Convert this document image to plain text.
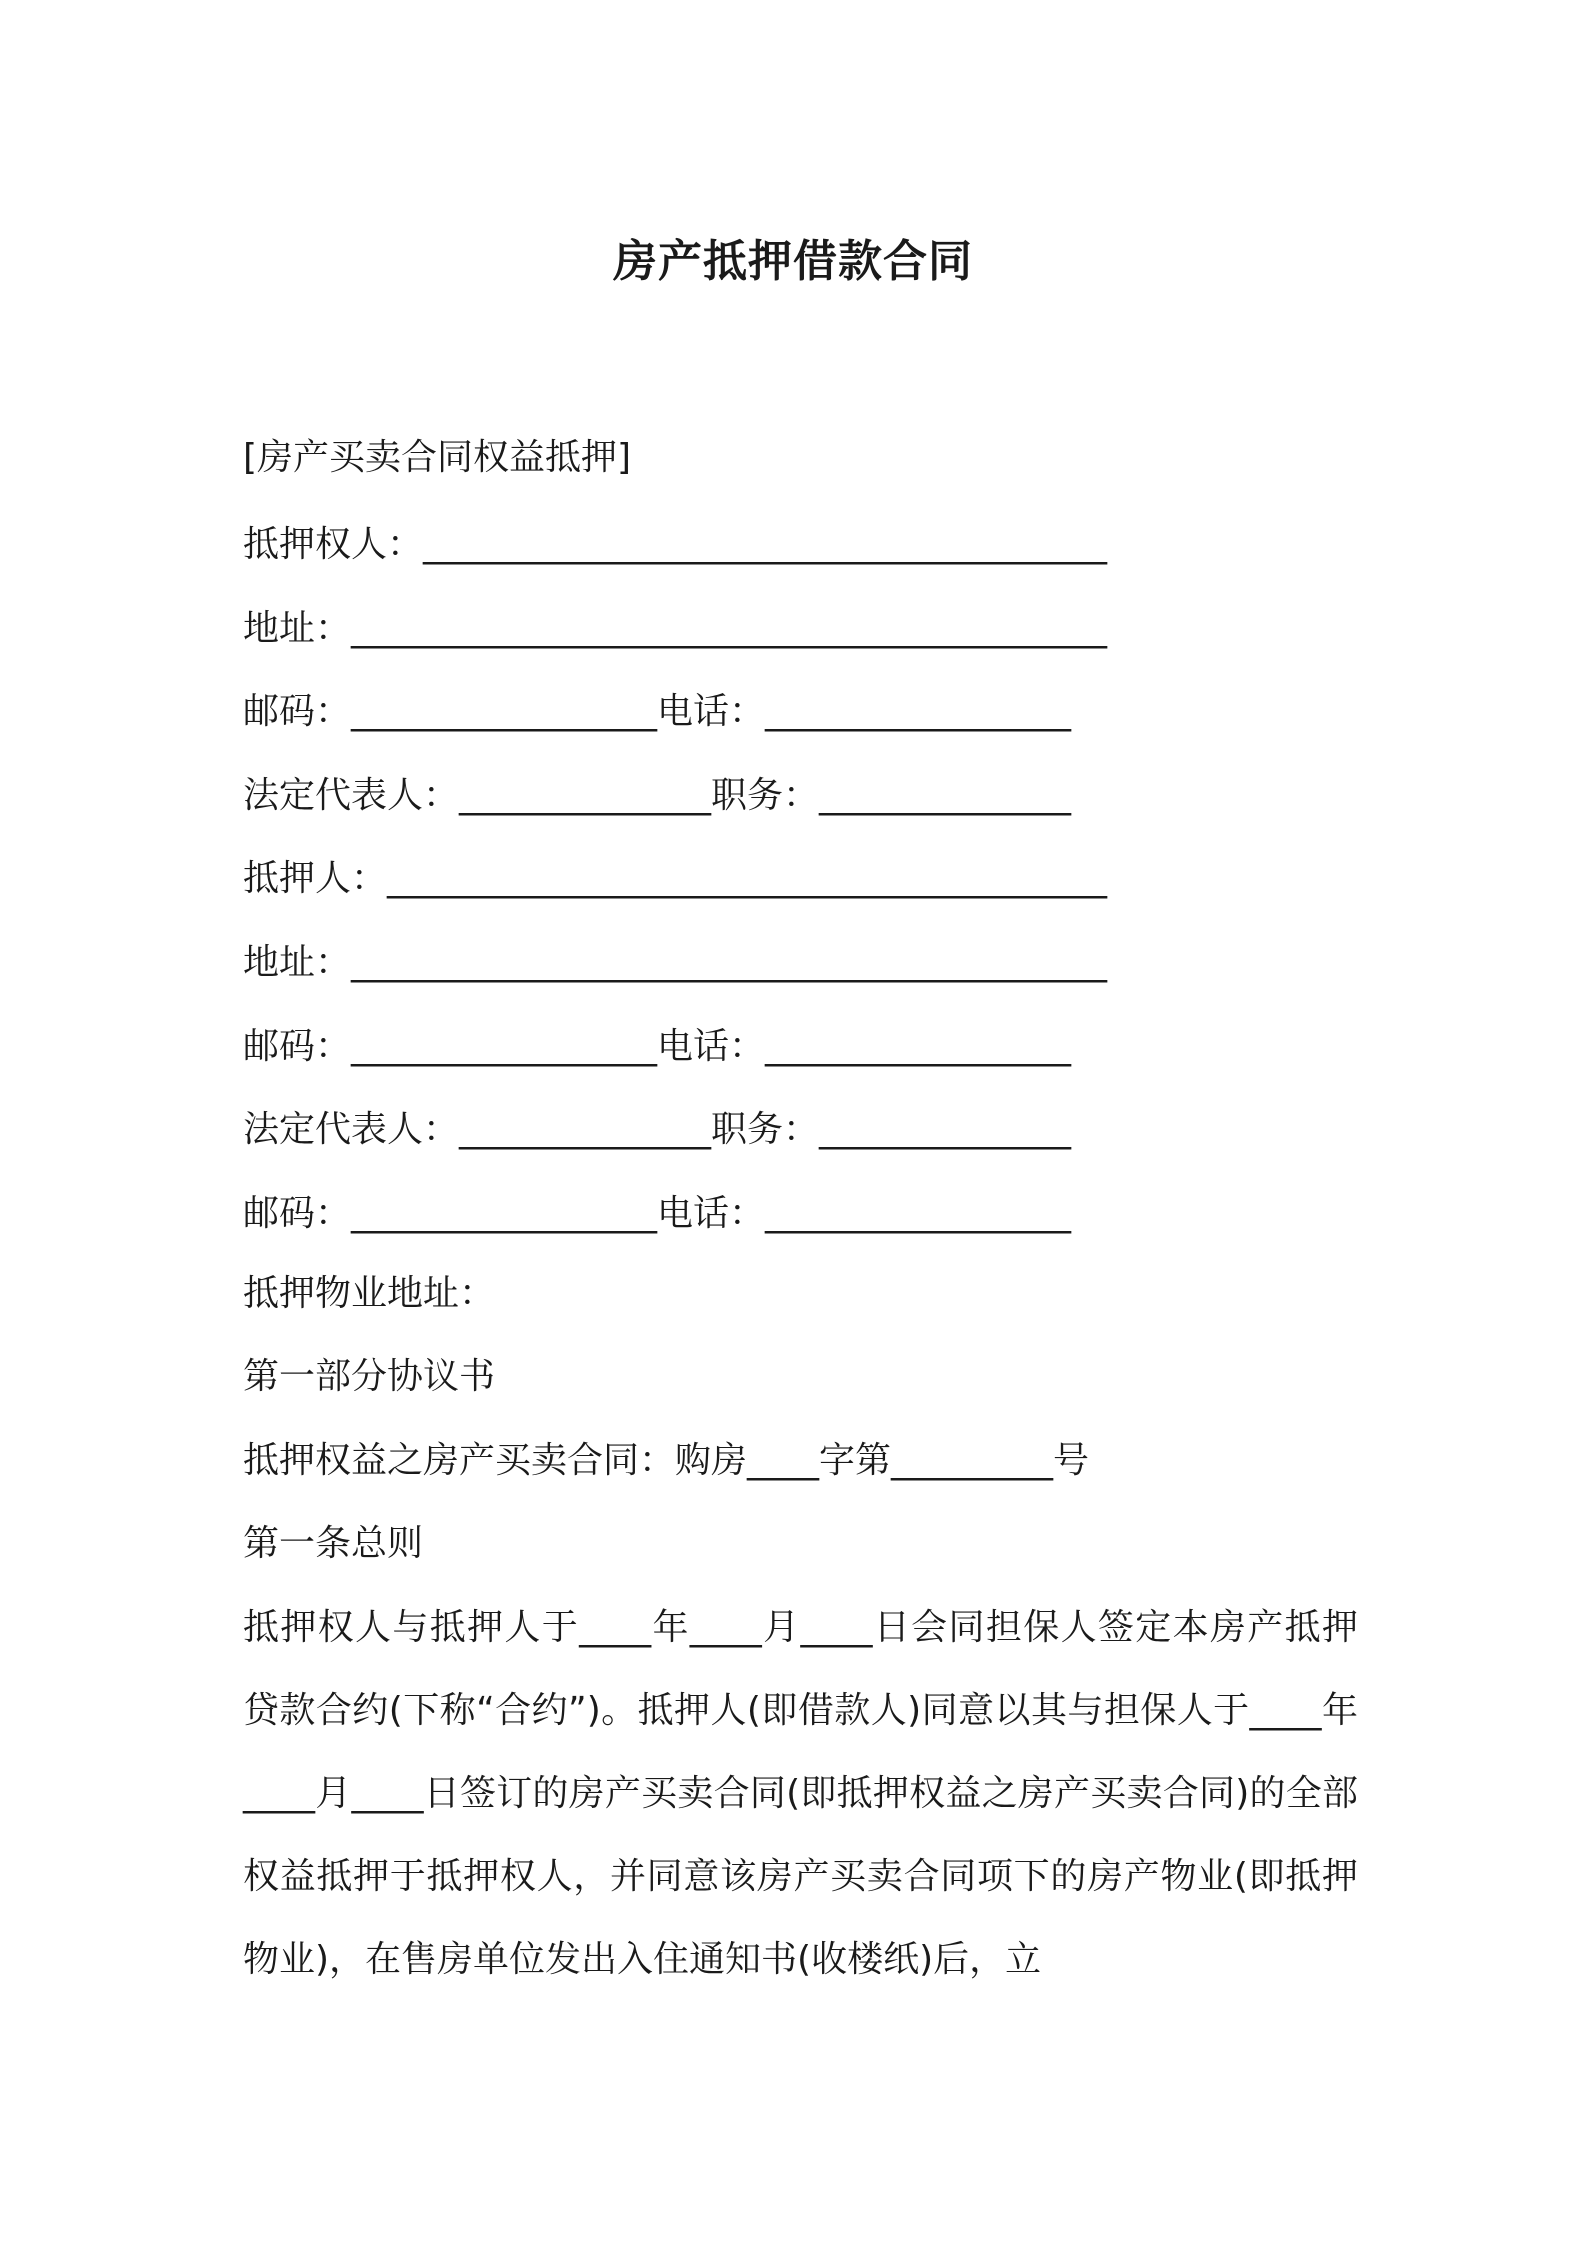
房产抵押借款合同
[房产买卖合同权益抵押]
抵押权人：______________________________________
地址：__________________________________________
邮码：_________________电话：_________________
法定代表人：______________职务：______________
抵押人：________________________________________
地址：__________________________________________
邮码：_________________电话：_________________
法定代表人：______________职务：______________
邮码：_________________电话：_________________
抵押物业地址：
第一部分协议书
抵押权益之房产买卖合同：购房____字第_________号
第一条总则
抵押权人与抵押人于____年____月____日会同担保人签定本房产抵押贷款合约(下称“合约”)。抵押人(即借款人)同意以其与担保人于____年____月____日签订的房产买卖合同(即抵押权益之房产买卖合同)的全部权益抵押于抵押权人，并同意该房产买卖合同项下的房产物业(即抵押物业)，在售房单位发出入住通知书(收楼纸)后，立
